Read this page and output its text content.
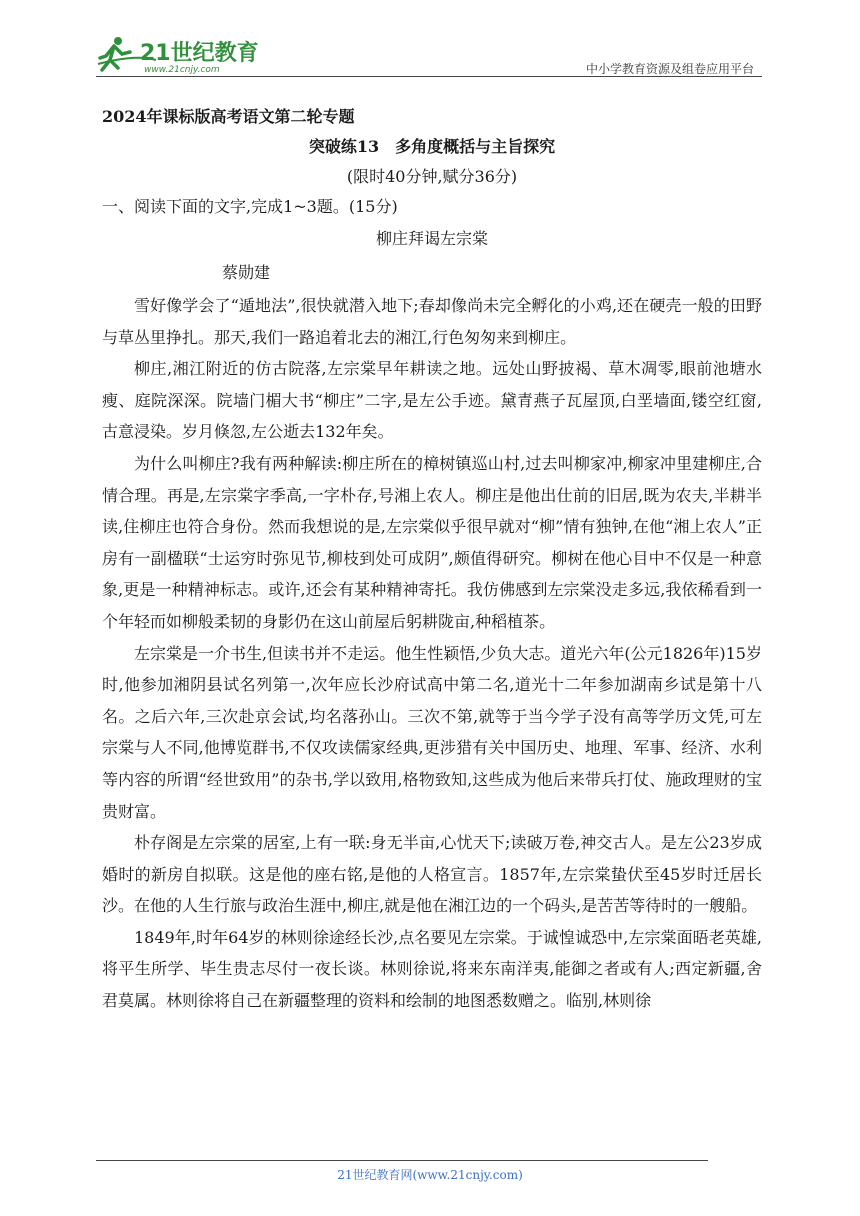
21世纪教育
www.21cnjy.com	中小学教育资源及组卷应用平台
2024年课标版高考语文第二轮专题
突破练13　多角度概括与主旨探究
(限时40分钟,赋分36分)
一、阅读下面的文字,完成1~3题。(15分)
柳庄拜谒左宗棠
蔡勋建

雪好像学会了“遁地法”,很快就潜入地下;春却像尚未完全孵化的小鸡,还在硬壳一般的田野与草丛里挣扎。那天,我们一路追着北去的湘江,行色匆匆来到柳庄。

柳庄,湘江附近的仿古院落,左宗棠早年耕读之地。远处山野披褐、草木凋零,眼前池塘水瘦、庭院深深。院墙门楣大书“柳庄”二字,是左公手迹。黛青燕子瓦屋顶,白垩墙面,镂空红窗,古意浸染。岁月倏忽,左公逝去132年矣。

为什么叫柳庄?我有两种解读:柳庄所在的樟树镇巡山村,过去叫柳家冲,柳家冲里建柳庄,合情合理。再是,左宗棠字季高,一字朴存,号湘上农人。柳庄是他出仕前的旧居,既为农夫,半耕半读,住柳庄也符合身份。然而我想说的是,左宗棠似乎很早就对“柳”情有独钟,在他“湘上农人”正房有一副楹联“士运穷时弥见节,柳枝到处可成阴”,颇值得研究。柳树在他心目中不仅是一种意象,更是一种精神标志。或许,还会有某种精神寄托。我仿佛感到左宗棠没走多远,我依稀看到一个年轻而如柳般柔韧的身影仍在这山前屋后躬耕陇亩,种稻植茶。

左宗棠是一介书生,但读书并不走运。他生性颖悟,少负大志。道光六年(公元1826年)15岁时,他参加湘阴县试名列第一,次年应长沙府试高中第二名,道光十二年参加湖南乡试是第十八名。之后六年,三次赴京会试,均名落孙山。三次不第,就等于当今学子没有高等学历文凭,可左宗棠与人不同,他博览群书,不仅攻读儒家经典,更涉猎有关中国历史、地理、军事、经济、水利等内容的所谓“经世致用”的杂书,学以致用,格物致知,这些成为他后来带兵打仗、施政理财的宝贵财富。

朴存阁是左宗棠的居室,上有一联:身无半亩,心忧天下;读破万卷,神交古人。是左公23岁成婚时的新房自拟联。这是他的座右铭,是他的人格宣言。1857年,左宗棠蛰伏至45岁时迁居长沙。在他的人生行旅与政治生涯中,柳庄,就是他在湘江边的一个码头,是苦苦等待时的一艘船。

1849年,时年64岁的林则徐途经长沙,点名要见左宗棠。于诚惶诚恐中,左宗棠面晤老英雄,将平生所学、毕生贵志尽付一夜长谈。林则徐说,将来东南洋夷,能御之者或有人;西定新疆,舍君莫属。林则徐将自己在新疆整理的资料和绘制的地图悉数赠之。临别,林则徐

21世纪教育网(www.21cnjy.com)
